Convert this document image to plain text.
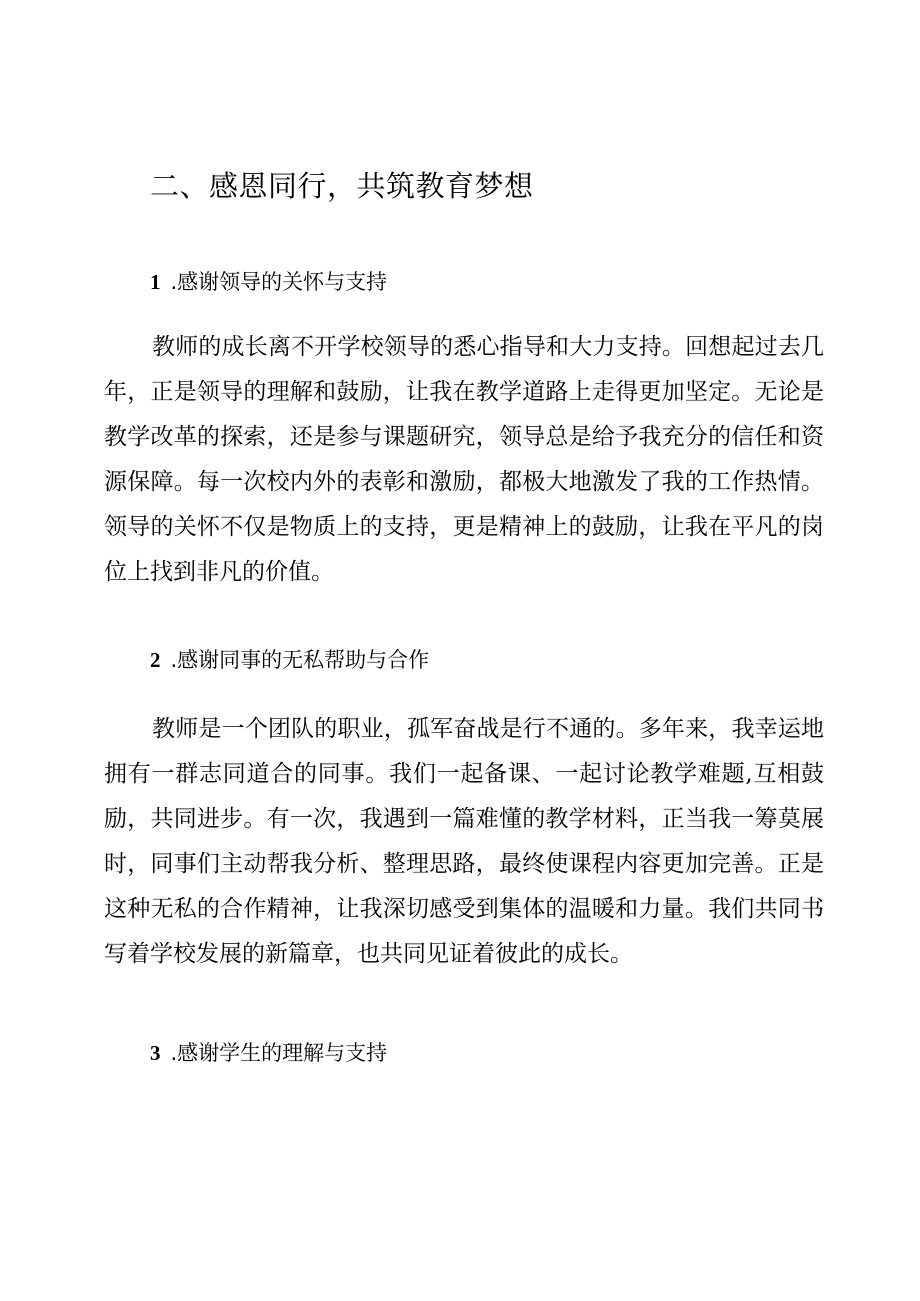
二、感恩同行，共筑教育梦想
1 .感谢领导的关怀与支持

教师的成长离不开学校领导的悉心指导和大力支持。回想起过去几年，正是领导的理解和鼓励，让我在教学道路上走得更加坚定。无论是教学改革的探索，还是参与课题研究，领导总是给予我充分的信任和资源保障。每一次校内外的表彰和激励，都极大地激发了我的工作热情。领导的关怀不仅是物质上的支持，更是精神上的鼓励，让我在平凡的岗位上找到非凡的价值。

2 .感谢同事的无私帮助与合作

教师是一个团队的职业，孤军奋战是行不通的。多年来，我幸运地拥有一群志同道合的同事。我们一起备课、一起讨论教学难题,互相鼓励，共同进步。有一次，我遇到一篇难懂的教学材料，正当我一筹莫展时，同事们主动帮我分析、整理思路，最终使课程内容更加完善。正是这种无私的合作精神，让我深切感受到集体的温暖和力量。我们共同书写着学校发展的新篇章，也共同见证着彼此的成长。

3 .感谢学生的理解与支持
